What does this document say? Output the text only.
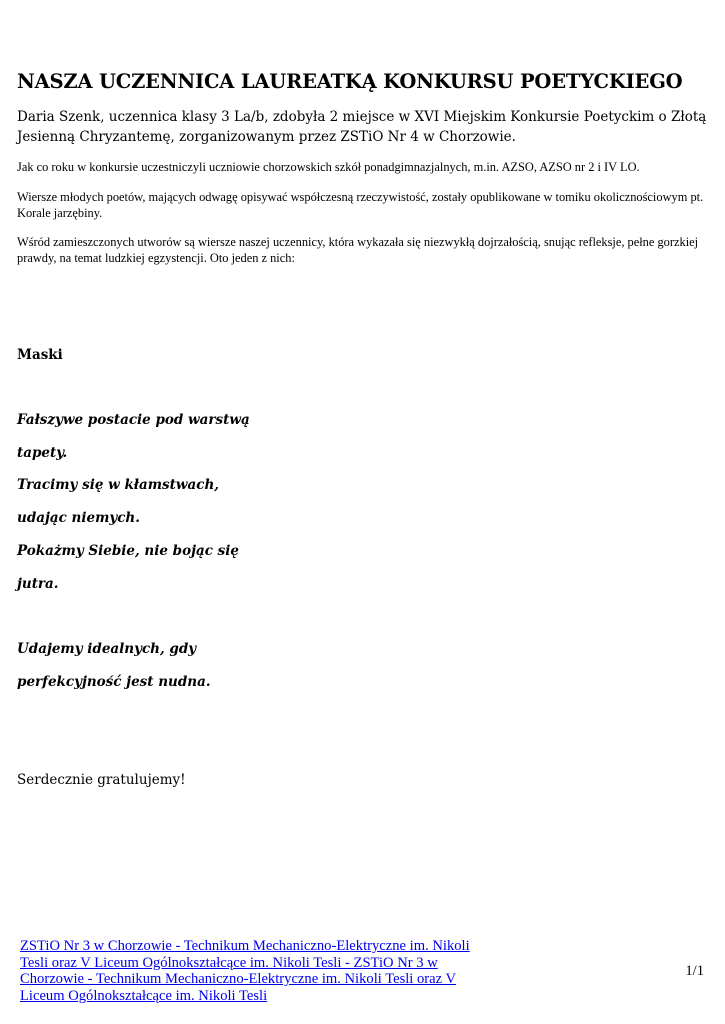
NASZA UCZENNICA LAUREATKĄ KONKURSU POETYCKIEGO

Daria Szenk, uczennica klasy 3 La/b, zdobyła 2 miejsce w XVI Miejskim Konkursie Poetyckim o Złotą Jesienną Chryzantemę, zorganizowanym przez ZSTiO Nr 4 w Chorzowie.

Jak co roku w konkursie uczestniczyli uczniowie chorzowskich szkół ponadgimnazjalnych, m.in. AZSO, AZSO nr 2 i IV LO.

Wiersze młodych poetów, mających odwagę opisywać współczesną rzeczywistość, zostały opublikowane w tomiku okolicznościowym pt. Korale jarzębiny.

Wśród zamieszczonych utworów są wiersze naszej uczennicy, która wykazała się niezwykłą dojrzałością, snując refleksje, pełne gorzkiej prawdy, na temat ludzkiej egzystencji. Oto jeden z nich:

Maski

Fałszywe postacie pod warstwą

tapety.

Tracimy się w kłamstwach,

udając niemych.

Pokażmy Siebie, nie bojąc się

jutra.

Udajemy idealnych, gdy

perfekcyjność jest nudna.

Serdecznie gratulujemy!

ZSTiO Nr 3 w Chorzowie - Technikum Mechaniczno-Elektryczne im. Nikoli Tesli oraz V Liceum Ogólnokształcące im. Nikoli Tesli - ZSTiO Nr 3 w Chorzowie - Technikum Mechaniczno-Elektryczne im. Nikoli Tesli oraz V Liceum Ogólnokształcące im. Nikoli Tesli
1/1
